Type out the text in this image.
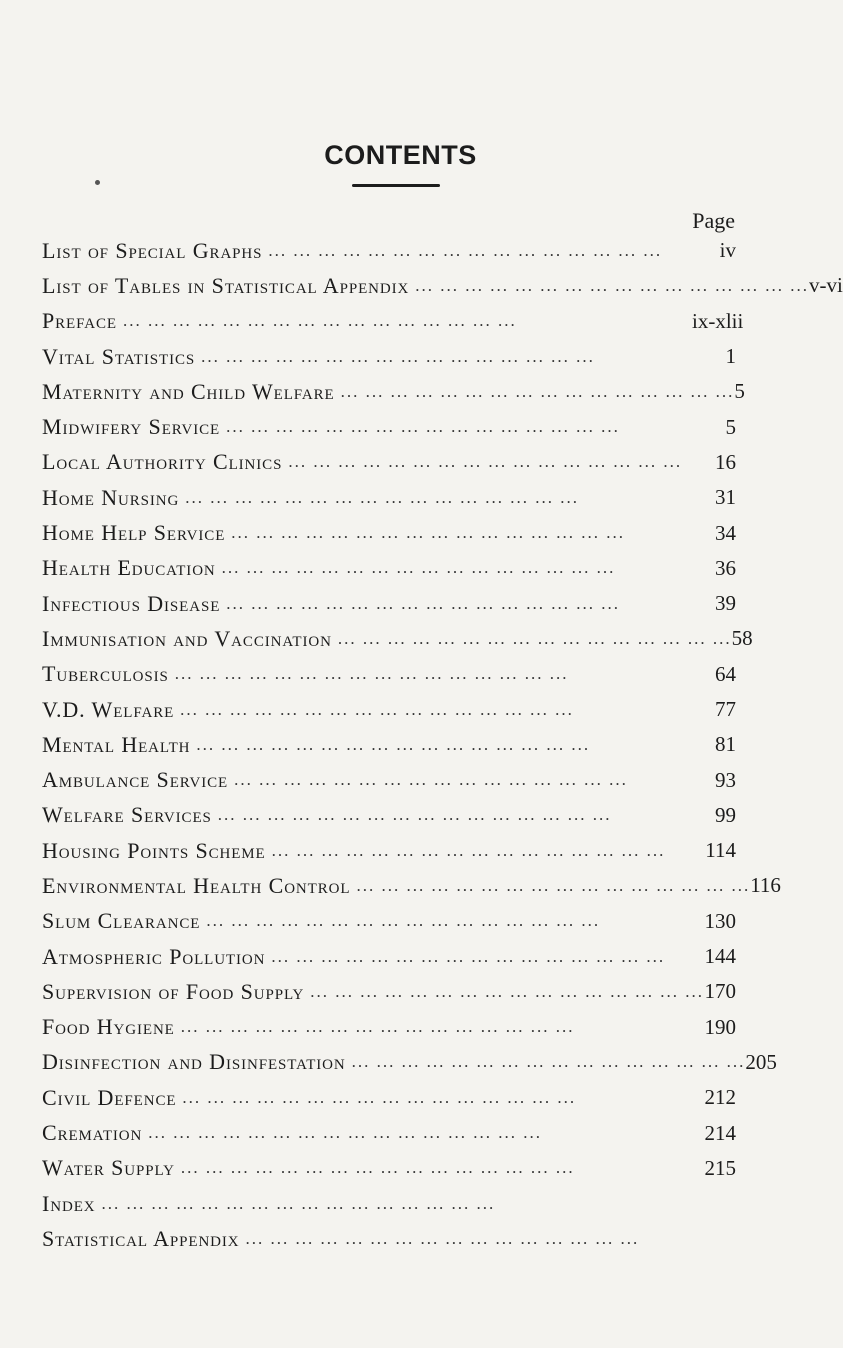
CONTENTS
Page
List of Special Graphs ... ... ... ... ... ... ... ... ... ... ... ... ... ... ... ...	iv
List of Tables in Statistical Appendix ... ... ... ... ... ... ... ... ... ... ... ... ... ... ... ... v-vi
Preface ... ... ... ... ... ... ... ... ... ... ... ... ... ... ... ...	ix-xlii
Vital Statistics ... ... ... ... ... ... ... ... ... ... ... ... ... ... ... ...	1
Maternity and Child Welfare ... ... ... ... ... ... ... ... ... ... ... ... ... ... ... ... 5
Midwifery Service ... ... ... ... ... ... ... ... ... ... ... ... ... ... ... ...	5
Local Authority Clinics ... ... ... ... ... ... ... ... ... ... ... ... ... ... ... ...	16
Home Nursing ... ... ... ... ... ... ... ... ... ... ... ... ... ... ... ...	31
Home Help Service ... ... ... ... ... ... ... ... ... ... ... ... ... ... ... ...	34
Health Education ... ... ... ... ... ... ... ... ... ... ... ... ... ... ... ...	36
Infectious Disease ... ... ... ... ... ... ... ... ... ... ... ... ... ... ... ...	39
Immunisation and Vaccination ... ... ... ... ... ... ... ... ... ... ... ... ... ... ... ... 58
Tuberculosis ... ... ... ... ... ... ... ... ... ... ... ... ... ... ... ...	64
V.D. Welfare ... ... ... ... ... ... ... ... ... ... ... ... ... ... ... ...	77
Mental Health ... ... ... ... ... ... ... ... ... ... ... ... ... ... ... ...	81
Ambulance Service ... ... ... ... ... ... ... ... ... ... ... ... ... ... ... ...	93
Welfare Services ... ... ... ... ... ... ... ... ... ... ... ... ... ... ... ...	99
Housing Points Scheme ... ... ... ... ... ... ... ... ... ... ... ... ... ... ... ...	114
Environmental Health Control ... ... ... ... ... ... ... ... ... ... ... ... ... ... ... ... 116
Slum Clearance ... ... ... ... ... ... ... ... ... ... ... ... ... ... ... ...	130
Atmospheric Pollution ... ... ... ... ... ... ... ... ... ... ... ... ... ... ... ...	144
Supervision of Food Supply ... ... ... ... ... ... ... ... ... ... ... ... ... ... ... ... 170
Food Hygiene ... ... ... ... ... ... ... ... ... ... ... ... ... ... ... ...	190
Disinfection and Disinfestation ... ... ... ... ... ... ... ... ... ... ... ... ... ... ... ... 205
Civil Defence ... ... ... ... ... ... ... ... ... ... ... ... ... ... ... ...	212
Cremation ... ... ... ... ... ... ... ... ... ... ... ... ... ... ... ...	214
Water Supply ... ... ... ... ... ... ... ... ... ... ... ... ... ... ... ...	215
Index ... ... ... ... ... ... ... ... ... ... ... ... ... ... ... ...
Statistical Appendix ... ... ... ... ... ... ... ... ... ... ... ... ... ... ... ...
